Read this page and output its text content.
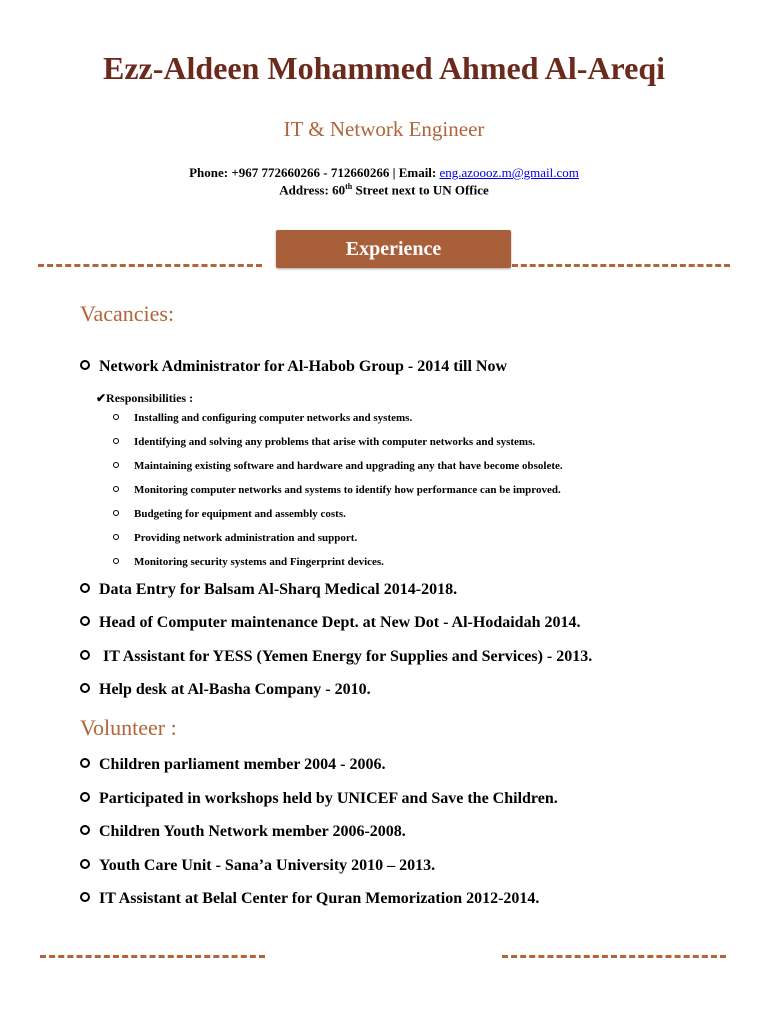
Ezz-Aldeen Mohammed Ahmed Al-Areqi
IT & Network Engineer
Phone: +967 772660266 - 712660266 | Email: eng.azoooz.m@gmail.com
Address: 60th Street next to UN Office
Experience
Vacancies:
Network Administrator for Al-Habob Group - 2014 till Now
✔Responsibilities :
Installing and configuring computer networks and systems.
Identifying and solving any problems that arise with computer networks and systems.
Maintaining existing software and hardware and upgrading any that have become obsolete.
Monitoring computer networks and systems to identify how performance can be improved.
Budgeting for equipment and assembly costs.
Providing network administration and support.
Monitoring security systems and Fingerprint devices.
Data Entry for Balsam Al-Sharq Medical 2014-2018.
Head of Computer maintenance Dept. at New Dot - Al-Hodaidah 2014.
IT Assistant for YESS (Yemen Energy for Supplies and Services) - 2013.
Help desk at Al-Basha Company - 2010.
Volunteer :
Children parliament member 2004 - 2006.
Participated in workshops held by UNICEF and Save the Children.
Children Youth Network member 2006-2008.
Youth Care Unit - Sana’a University 2010 – 2013.
IT Assistant at Belal Center for Quran Memorization 2012-2014.
